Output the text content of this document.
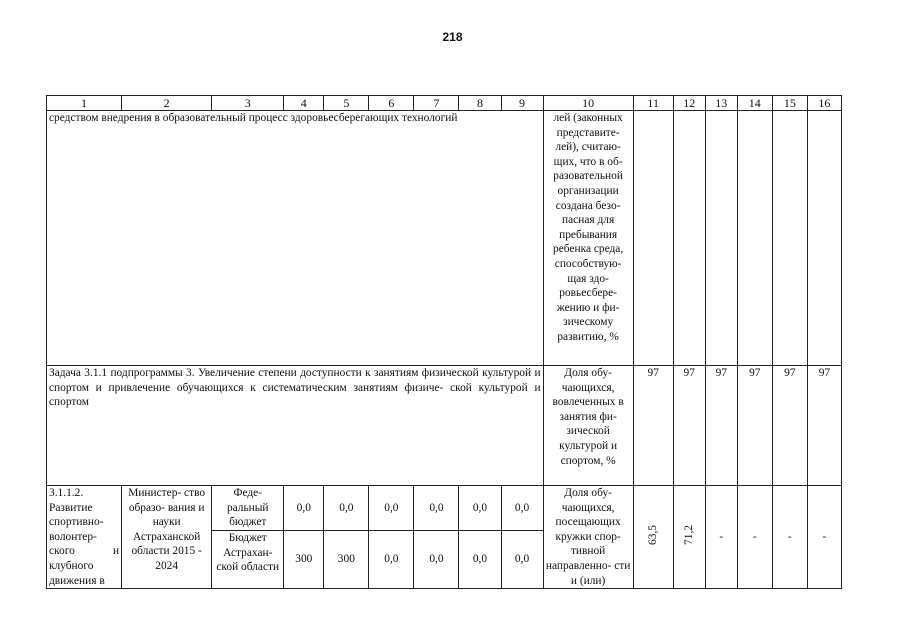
218
1	2	3	4	5	6	7	8	9	10	11	12	13	14	15	16
средством внедрения в образовательный процесс здоровьесберегающих технологий									лей (законных представите- лей), считаю- щих, что в об- разовательной организации создана безо- пасная для пребывания ребенка среда, способствую- щая здо- ровьесбере- жению и фи- зическому развитию, %						
Задача 3.1.1 подпрограммы 3. Увеличение степени доступности к занятиям физической культурой и спортом и привлечение обучающихся к систематическим занятиям физиче- ской культурой и спортом									Доля обу- чающихся, вовлеченных в занятия фи- зической культурой и спортом, %	97	97	97	97	97	97
3.1.1.2. Развитие спортивно- волонтер- ского и клубного движения в	Министер- ство образо- вания и науки Астраханской области 2015 - 2024	Феде- ральный бюджет	0,0	0,0	0,0	0,0	0,0	0,0	Доля обу- чающихся, посещающих кружки спор- тивной направленно- сти и (или)	63,5	71,2	-	-	-	-
		Бюджет Астрахан- ской области	300	300	0,0	0,0	0,0	0,0							
